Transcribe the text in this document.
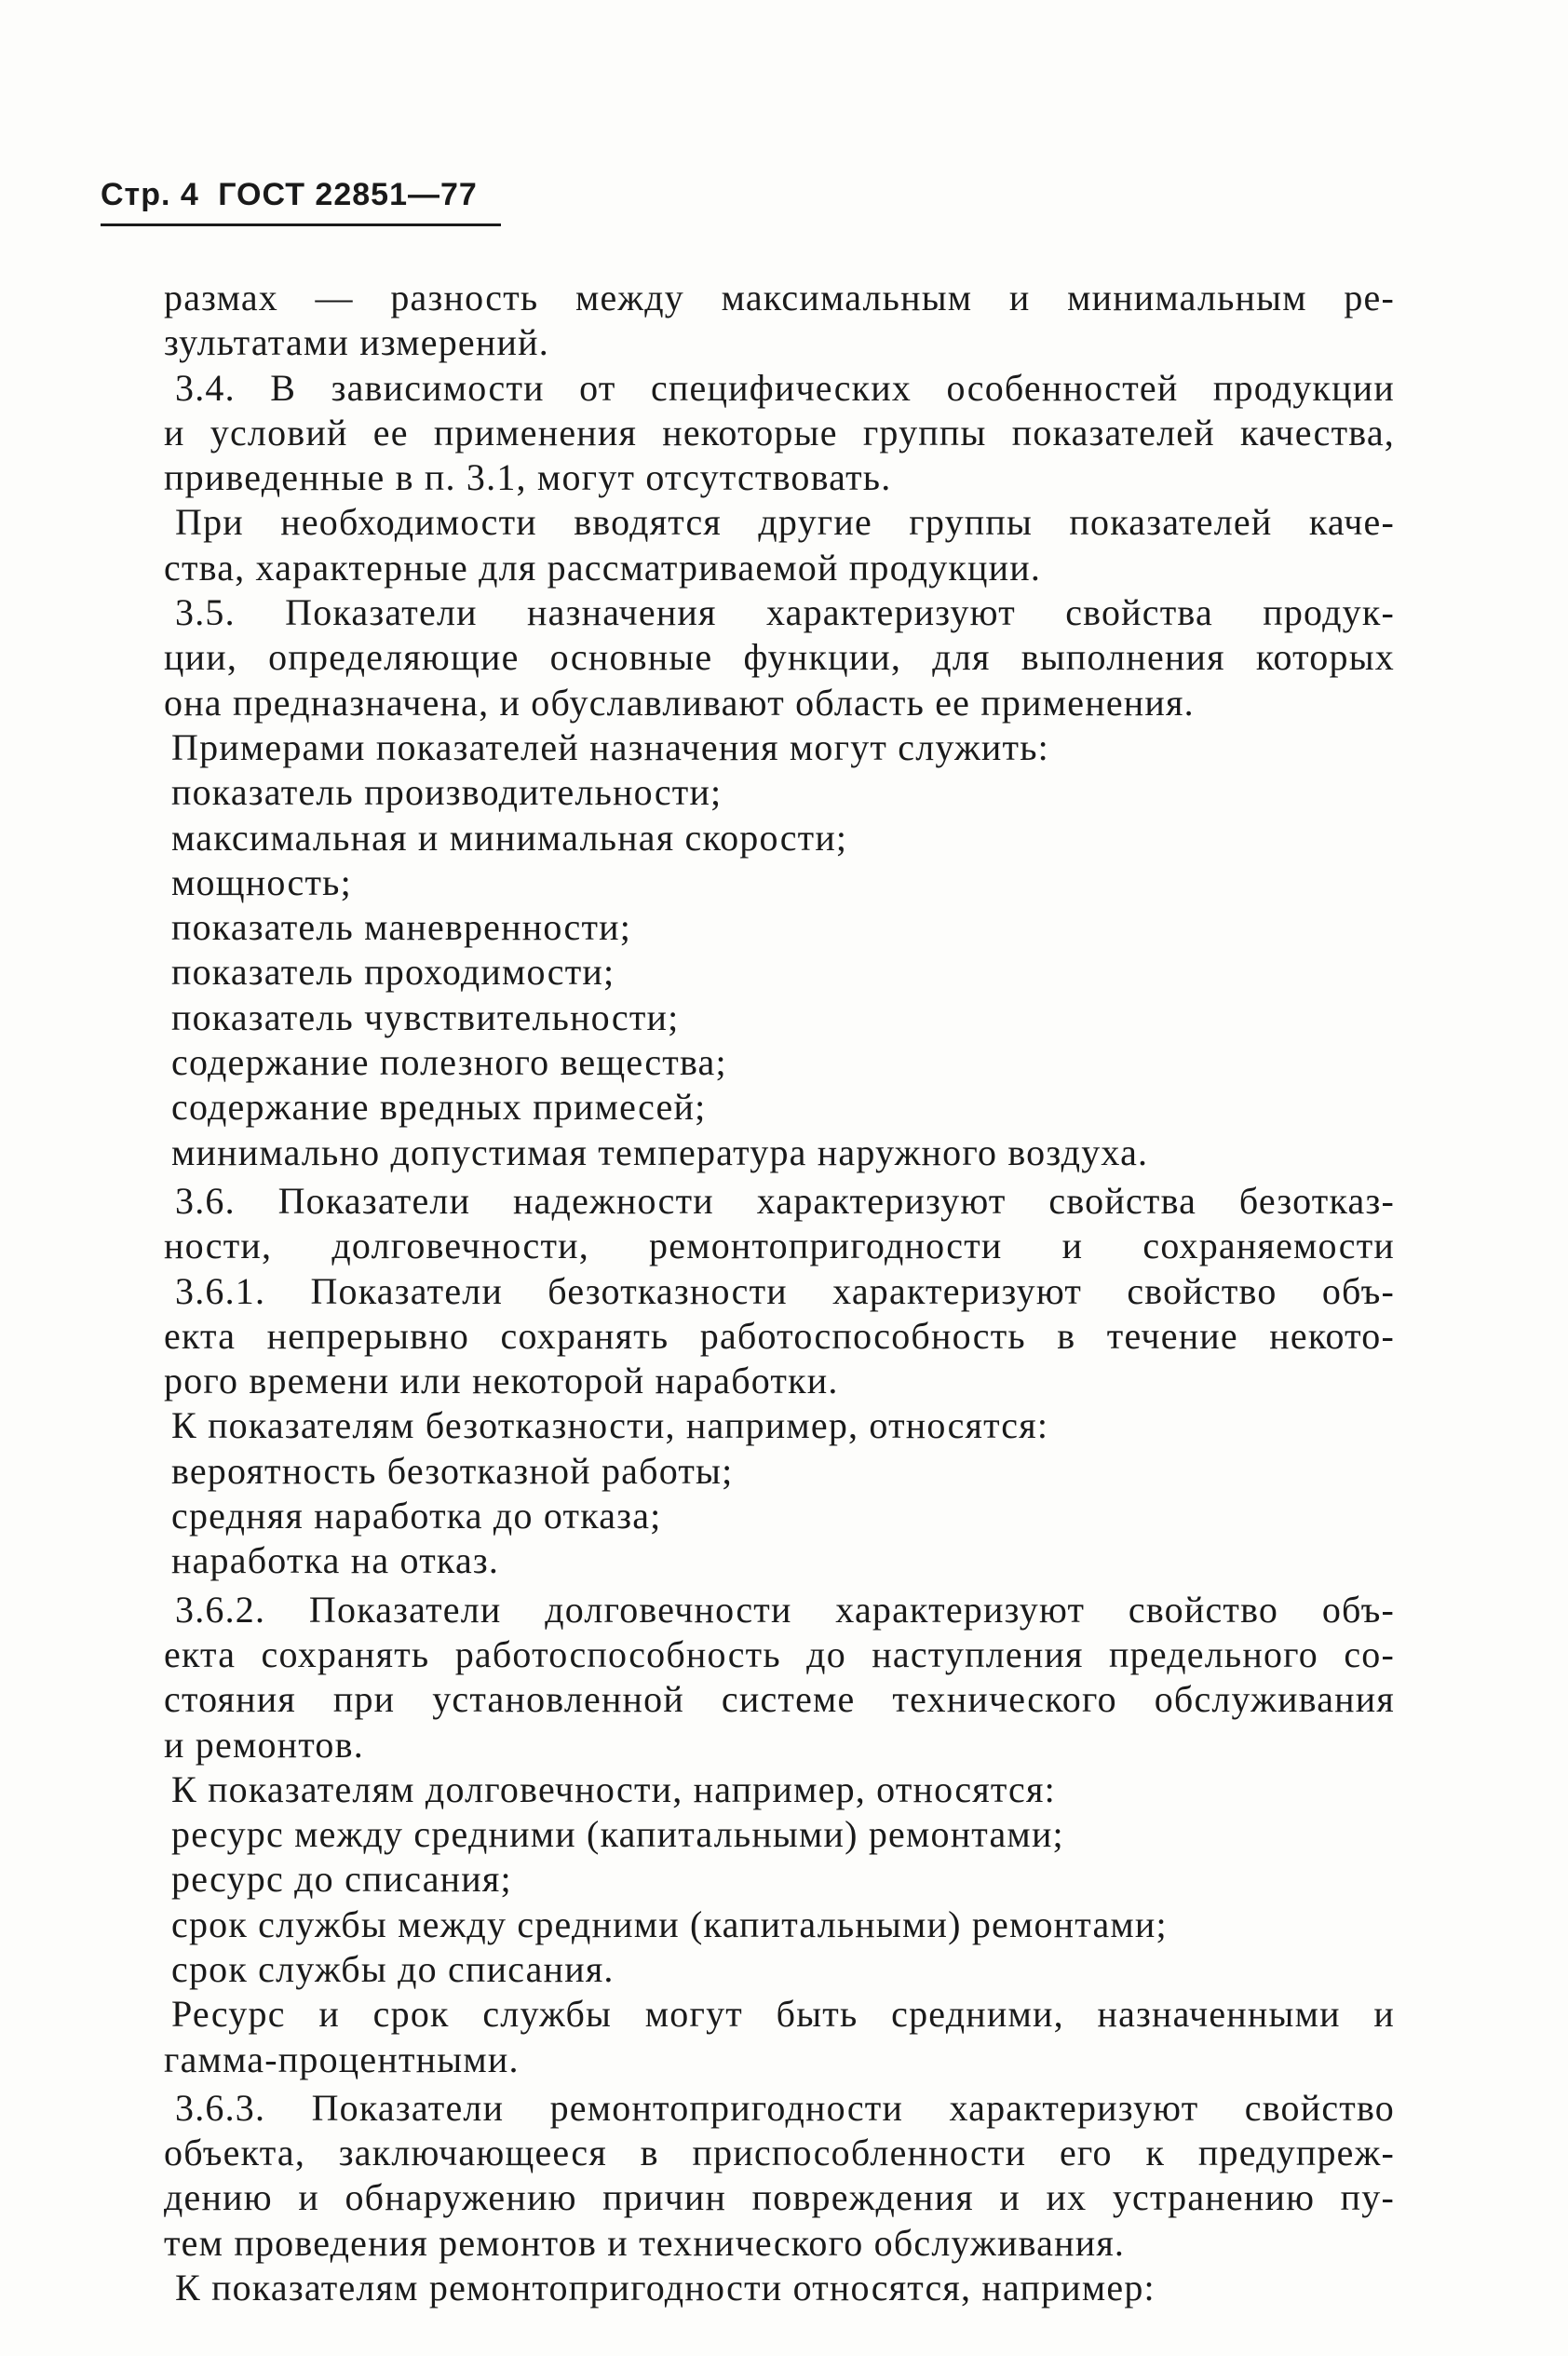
Стр. 4 ГОСТ 22851—77
размах — разность между максимальным и минимальным ре-
зультатами измерений.
3.4. В зависимости от специфических особенностей продукции
и условий ее применения некоторые группы показателей качества,
приведенные в п. 3.1, могут отсутствовать.
При необходимости вводятся другие группы показателей каче-
ства, характерные для рассматриваемой продукции.
3.5. Показатели назначения характеризуют свойства продук-
ции, определяющие основные функции, для выполнения которых
она предназначена, и обуславливают область ее применения.
Примерами показателей назначения могут служить:
показатель производительности;
максимальная и минимальная скорости;
мощность;
показатель маневренности;
показатель проходимости;
показатель чувствительности;
содержание полезного вещества;
содержание вредных примесей;
минимально допустимая температура наружного воздуха.
3.6. Показатели надежности характеризуют свойства безотказ-
ности, долговечности, ремонтопригодности и сохраняемости
3.6.1. Показатели безотказности характеризуют свойство объ-
екта непрерывно сохранять работоспособность в течение некото-
рого времени или некоторой наработки.
К показателям безотказности, например, относятся:
вероятность безотказной работы;
средняя наработка до отказа;
наработка на отказ.
3.6.2. Показатели долговечности характеризуют свойство объ-
екта сохранять работоспособность до наступления предельного со-
стояния при установленной системе технического обслуживания
и ремонтов.
К показателям долговечности, например, относятся:
ресурс между средними (капитальными) ремонтами;
ресурс до списания;
срок службы между средними (капитальными) ремонтами;
срок службы до списания.
Ресурс и срок службы могут быть средними, назначенными и
гамма-процентными.
3.6.3. Показатели ремонтопригодности характеризуют свойство
объекта, заключающееся в приспособленности его к предупреж-
дению и обнаружению причин повреждения и их устранению пу-
тем проведения ремонтов и технического обслуживания.
К показателям ремонтопригодности относятся, например:
